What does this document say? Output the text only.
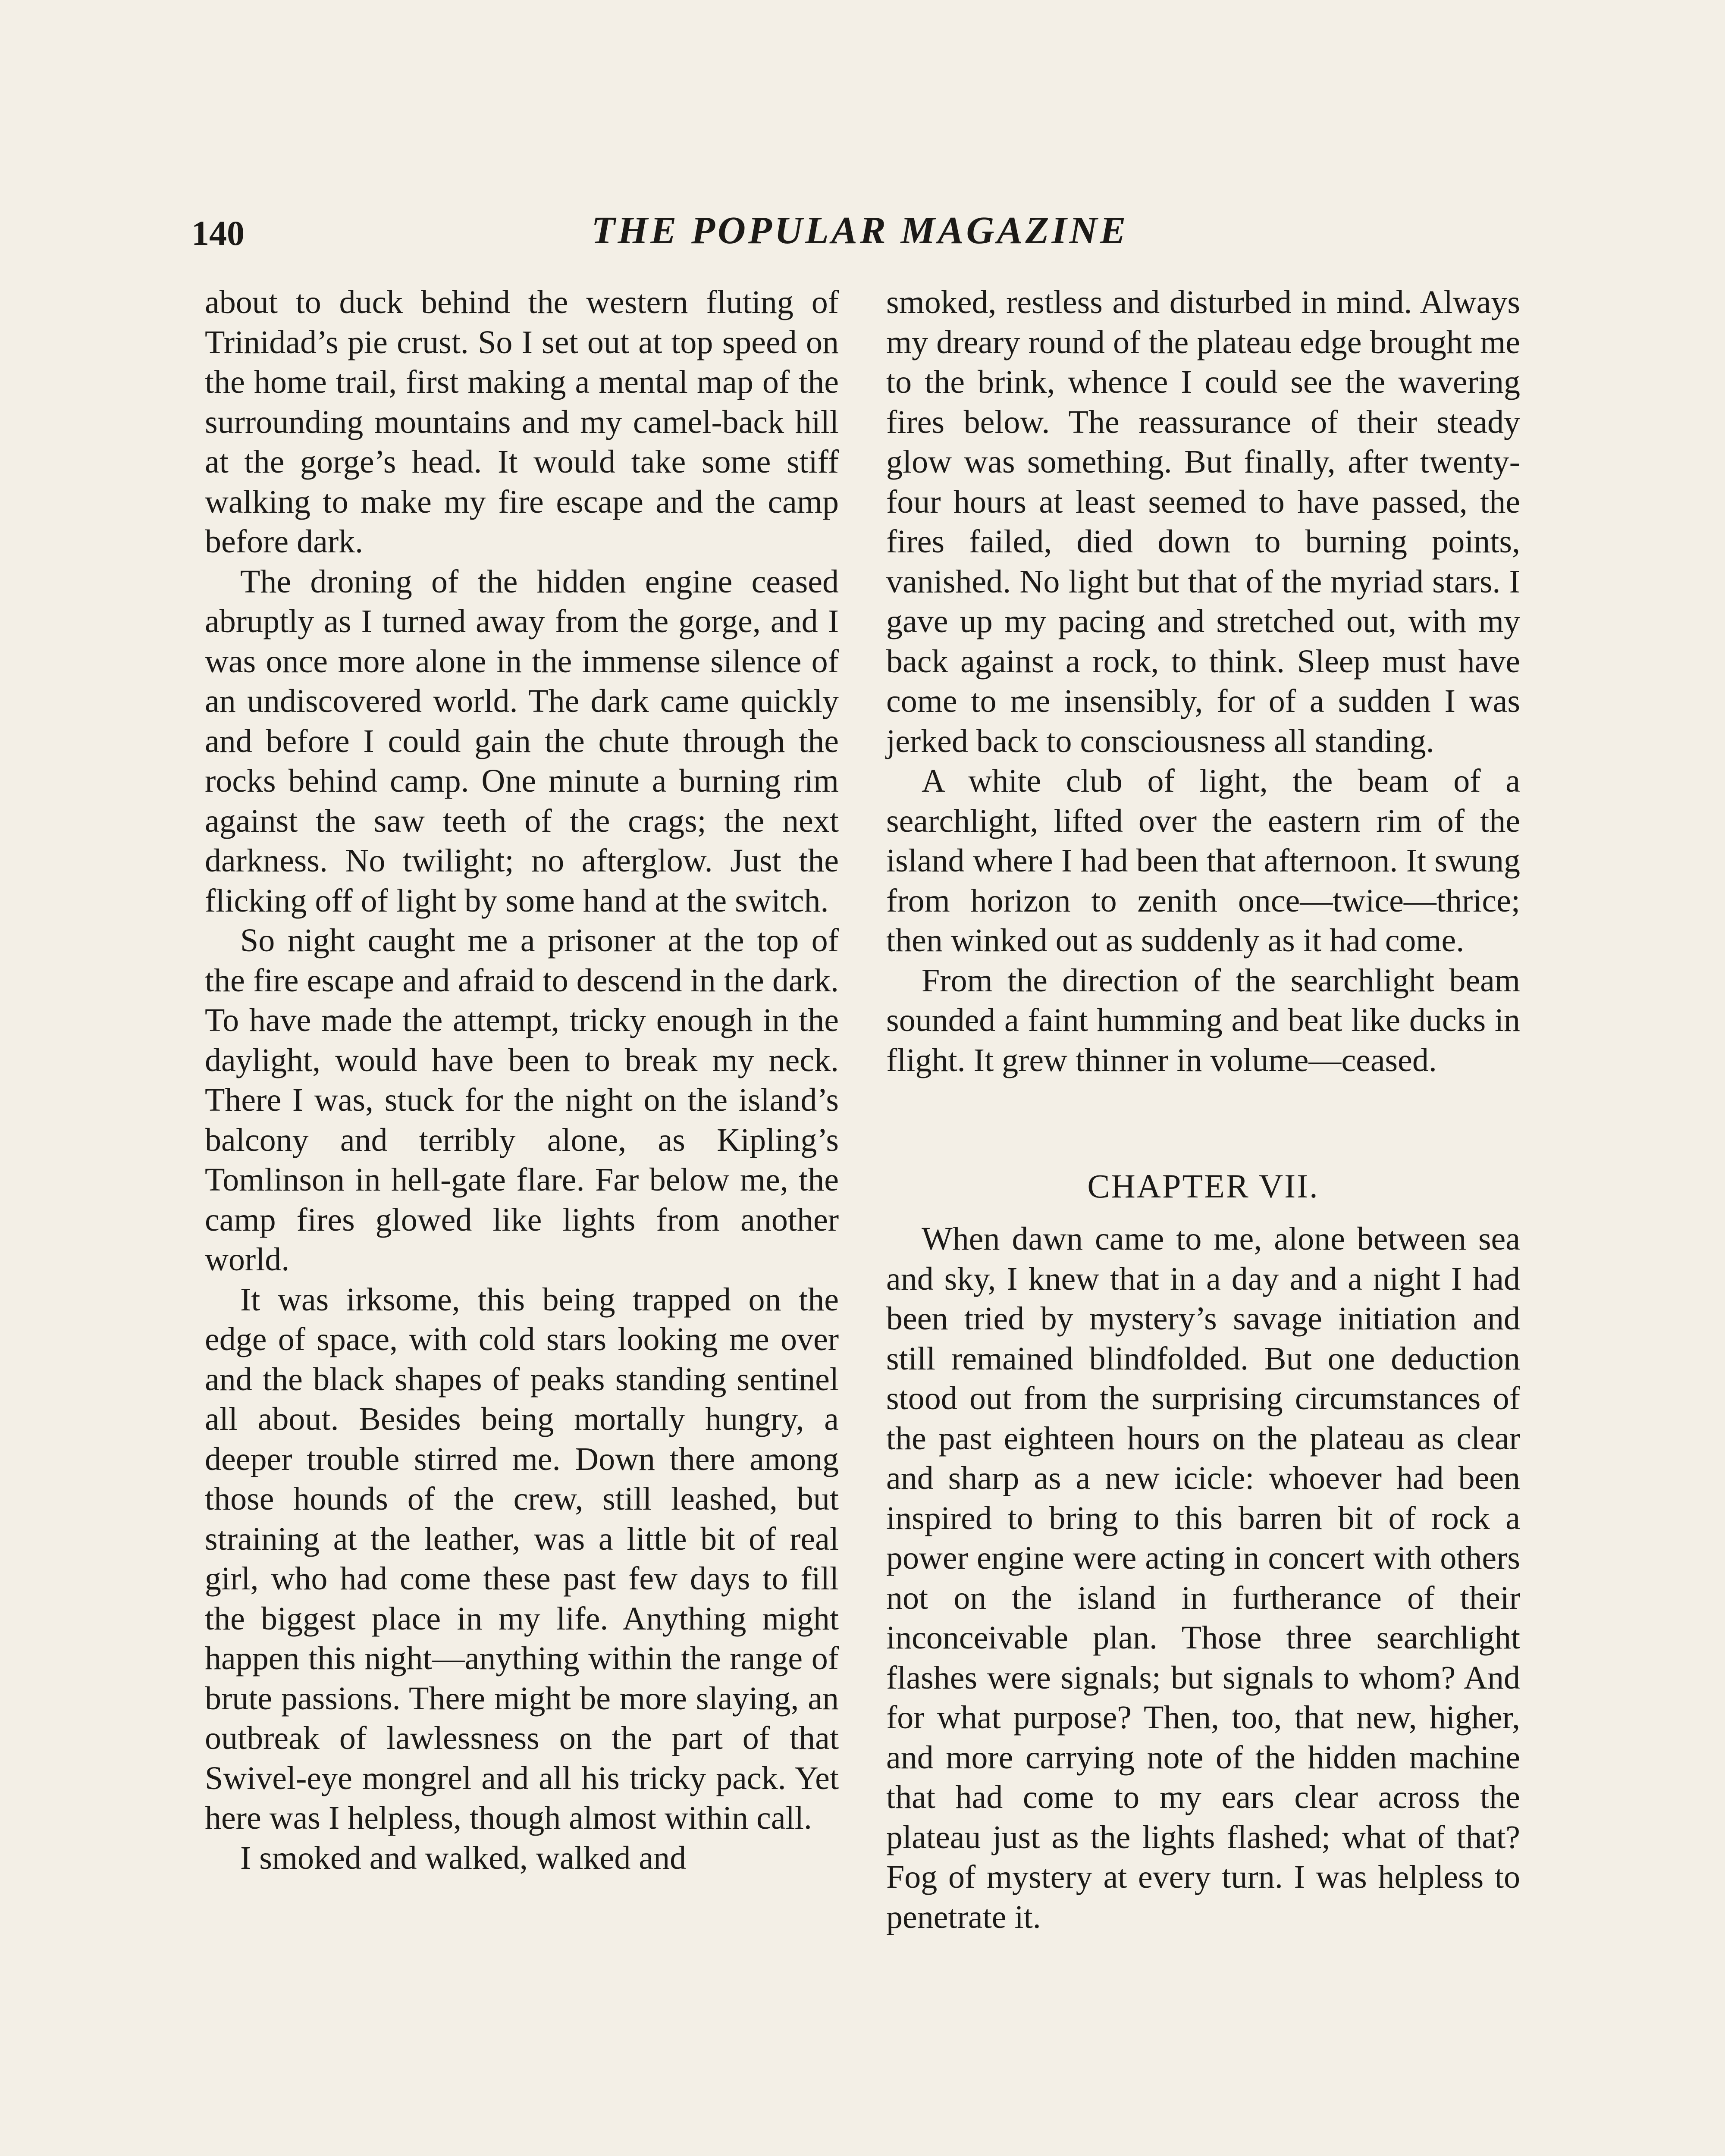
140	THE POPULAR MAGAZINE

about to duck behind the western fluting of Trinidad’s pie crust. So I set out at top speed on the home trail, first making a mental map of the surrounding mountains and my camel-back hill at the gorge’s head. It would take some stiff walking to make my fire escape and the camp before dark.

The droning of the hidden engine ceased abruptly as I turned away from the gorge, and I was once more alone in the immense silence of an undiscovered world. The dark came quickly and before I could gain the chute through the rocks behind camp. One minute a burning rim against the saw teeth of the crags; the next darkness. No twilight; no afterglow. Just the flicking off of light by some hand at the switch.

So night caught me a prisoner at the top of the fire escape and afraid to descend in the dark. To have made the attempt, tricky enough in the daylight, would have been to break my neck. There I was, stuck for the night on the island’s balcony and terribly alone, as Kipling’s Tomlinson in hell-gate flare. Far below me, the camp fires glowed like lights from another world.

It was irksome, this being trapped on the edge of space, with cold stars looking me over and the black shapes of peaks standing sentinel all about. Besides being mortally hungry, a deeper trouble stirred me. Down there among those hounds of the crew, still leashed, but straining at the leather, was a little bit of real girl, who had come these past few days to fill the biggest place in my life. Anything might happen this night—anything within the range of brute passions. There might be more slaying, an outbreak of lawlessness on the part of that Swivel-eye mongrel and all his tricky pack. Yet here was I helpless, though almost within call.

I smoked and walked, walked and

smoked, restless and disturbed in mind. Always my dreary round of the plateau edge brought me to the brink, whence I could see the wavering fires below. The reassurance of their steady glow was something. But finally, after twenty-four hours at least seemed to have passed, the fires failed, died down to burning points, vanished. No light but that of the myriad stars. I gave up my pacing and stretched out, with my back against a rock, to think. Sleep must have come to me insensibly, for of a sudden I was jerked back to consciousness all standing.

A white club of light, the beam of a searchlight, lifted over the eastern rim of the island where I had been that afternoon. It swung from horizon to zenith once—twice—thrice; then winked out as suddenly as it had come.

From the direction of the searchlight beam sounded a faint humming and beat like ducks in flight. It grew thinner in volume—ceased.

CHAPTER VII.

When dawn came to me, alone between sea and sky, I knew that in a day and a night I had been tried by mystery’s savage initiation and still remained blindfolded. But one deduction stood out from the surprising circumstances of the past eighteen hours on the plateau as clear and sharp as a new icicle: whoever had been inspired to bring to this barren bit of rock a power engine were acting in concert with others not on the island in furtherance of their inconceivable plan. Those three searchlight flashes were signals; but signals to whom? And for what purpose? Then, too, that new, higher, and more carrying note of the hidden machine that had come to my ears clear across the plateau just as the lights flashed; what of that? Fog of mystery at every turn. I was helpless to penetrate it.
